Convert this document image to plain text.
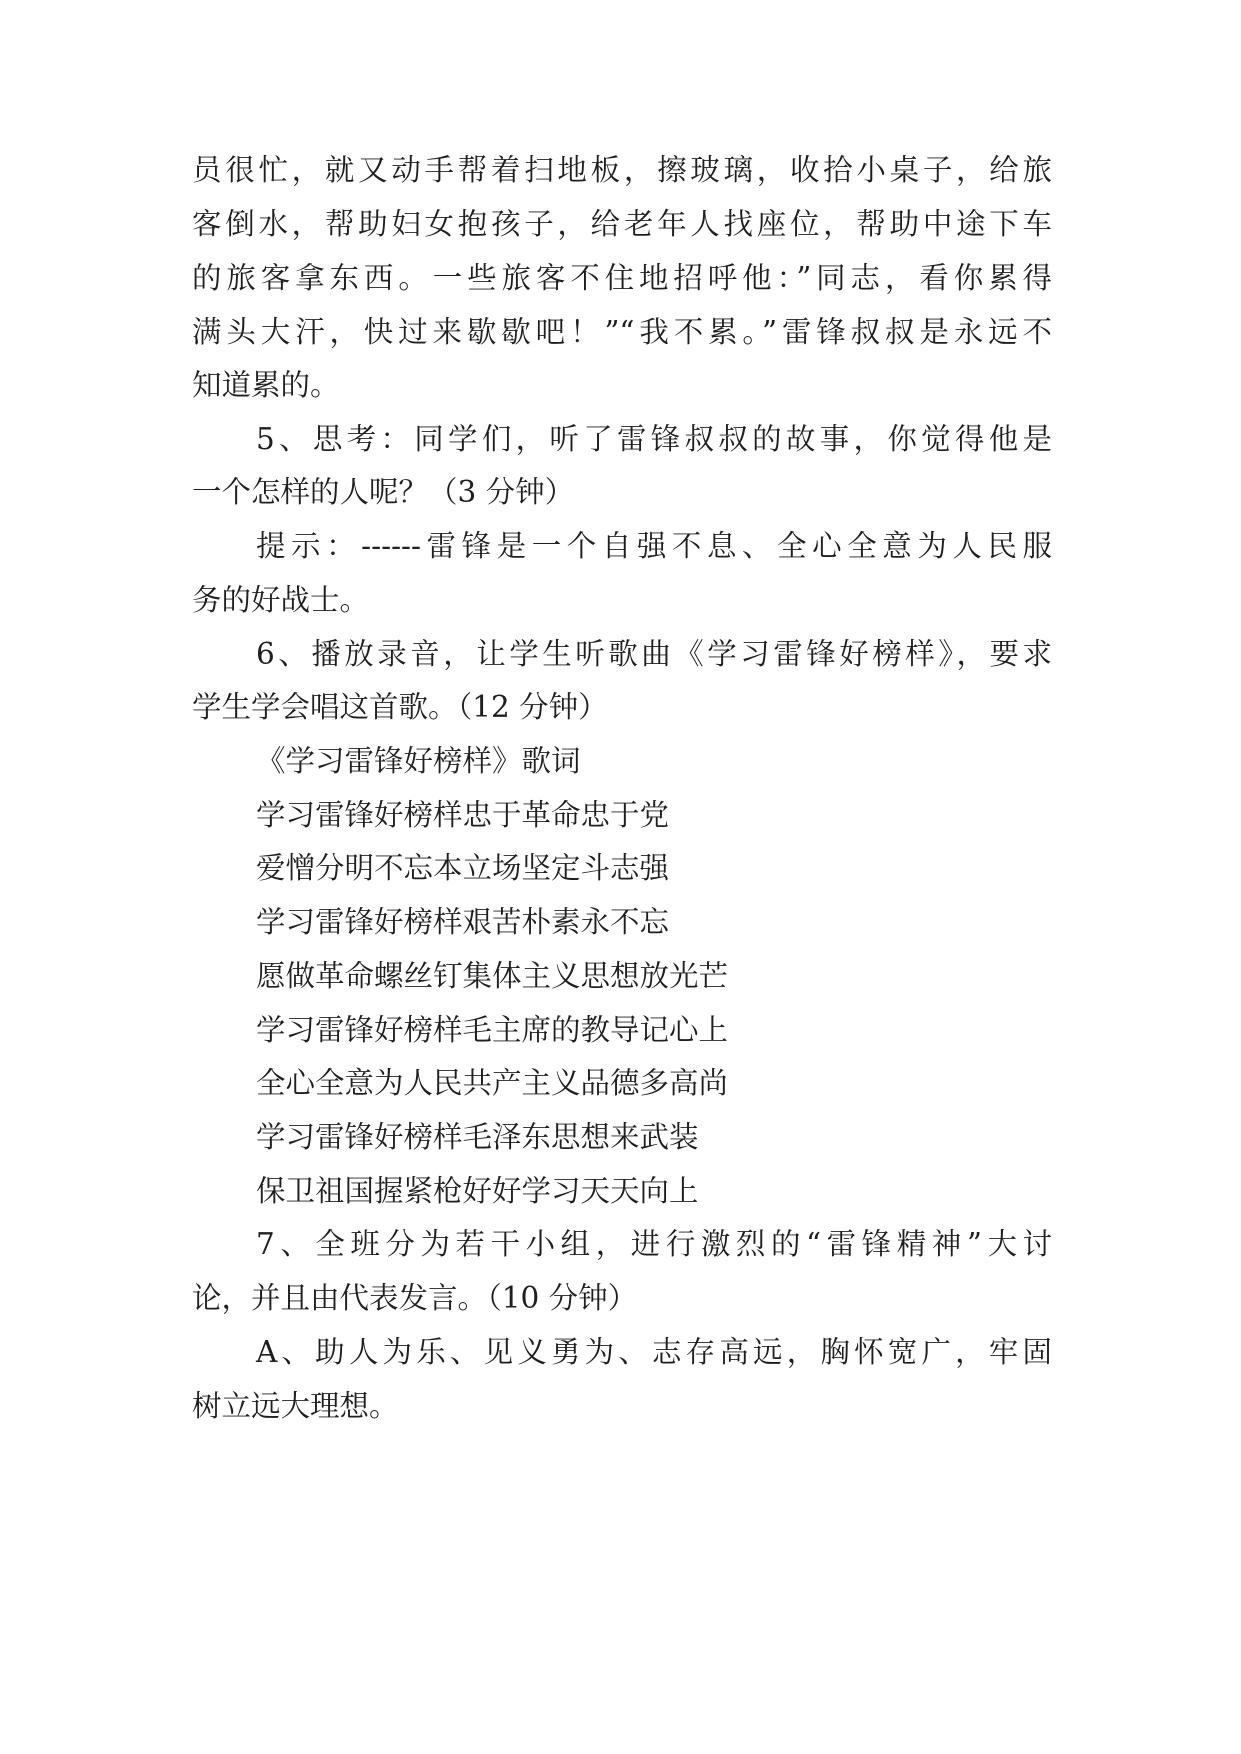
员很忙，就又动手帮着扫地板，擦玻璃，收拾小桌子，给旅
客倒水，帮助妇女抱孩子，给老年人找座位，帮助中途下车
的旅客拿东西。一些旅客不住地招呼他：”同志，看你累得
满头大汗，快过来歇歇吧！”“我不累。”雷锋叔叔是永远不
知道累的。
5、思考：同学们，听了雷锋叔叔的故事，你觉得他是
一个怎样的人呢？（3 分钟）
提示：------雷锋是一个自强不息、全心全意为人民服
务的好战士。
6、播放录音，让学生听歌曲《学习雷锋好榜样》，要求
学生学会唱这首歌。（12 分钟）
《学习雷锋好榜样》歌词
学习雷锋好榜样忠于革命忠于党
爱憎分明不忘本立场坚定斗志强
学习雷锋好榜样艰苦朴素永不忘
愿做革命螺丝钉集体主义思想放光芒
学习雷锋好榜样毛主席的教导记心上
全心全意为人民共产主义品德多高尚
学习雷锋好榜样毛泽东思想来武装
保卫祖国握紧枪好好学习天天向上
7、全班分为若干小组，进行激烈的“雷锋精神”大讨
论，并且由代表发言。（10 分钟）
A、助人为乐、见义勇为、志存高远，胸怀宽广，牢固
树立远大理想。
